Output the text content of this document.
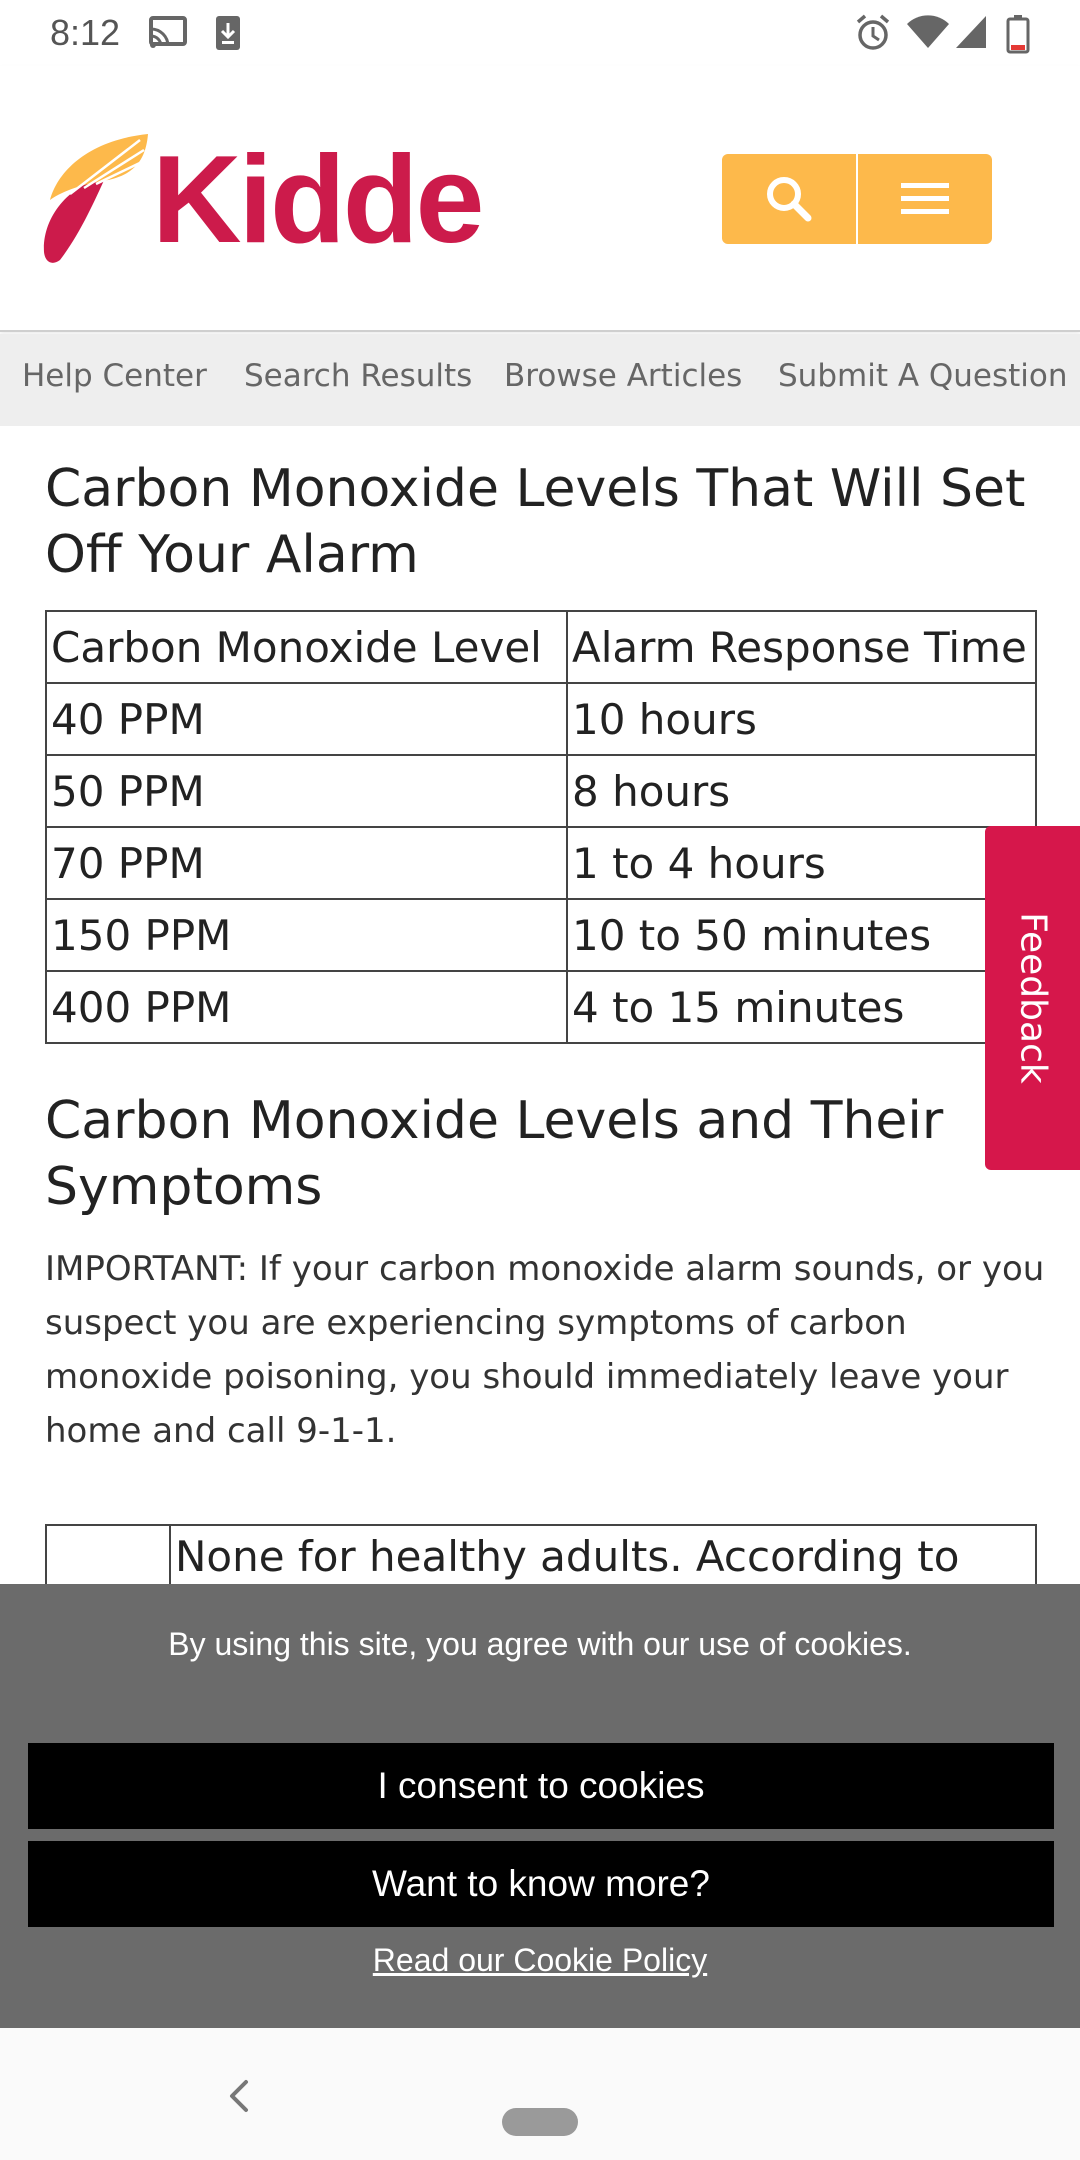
8:12
Kidde
Help Center Search Results Browse Articles Submit A Question
Carbon Monoxide Levels That Will Set Off Your Alarm
Carbon Monoxide Level	Alarm Response Time
40 PPM	10 hours
50 PPM	8 hours
70 PPM	1 to 4 hours
150 PPM	10 to 50 minutes
400 PPM	4 to 15 minutes
Carbon Monoxide Levels and Their Symptoms

IMPORTANT: If your carbon monoxide alarm sounds, or you suspect you are experiencing symptoms of carbon monoxide poisoning, you should immediately leave your home and call 9-1-1.

	None for healthy adults. According to
Feedback
By using this site, you agree with our use of cookies.
I consent to cookies
Want to know more?
Read our Cookie Policy
